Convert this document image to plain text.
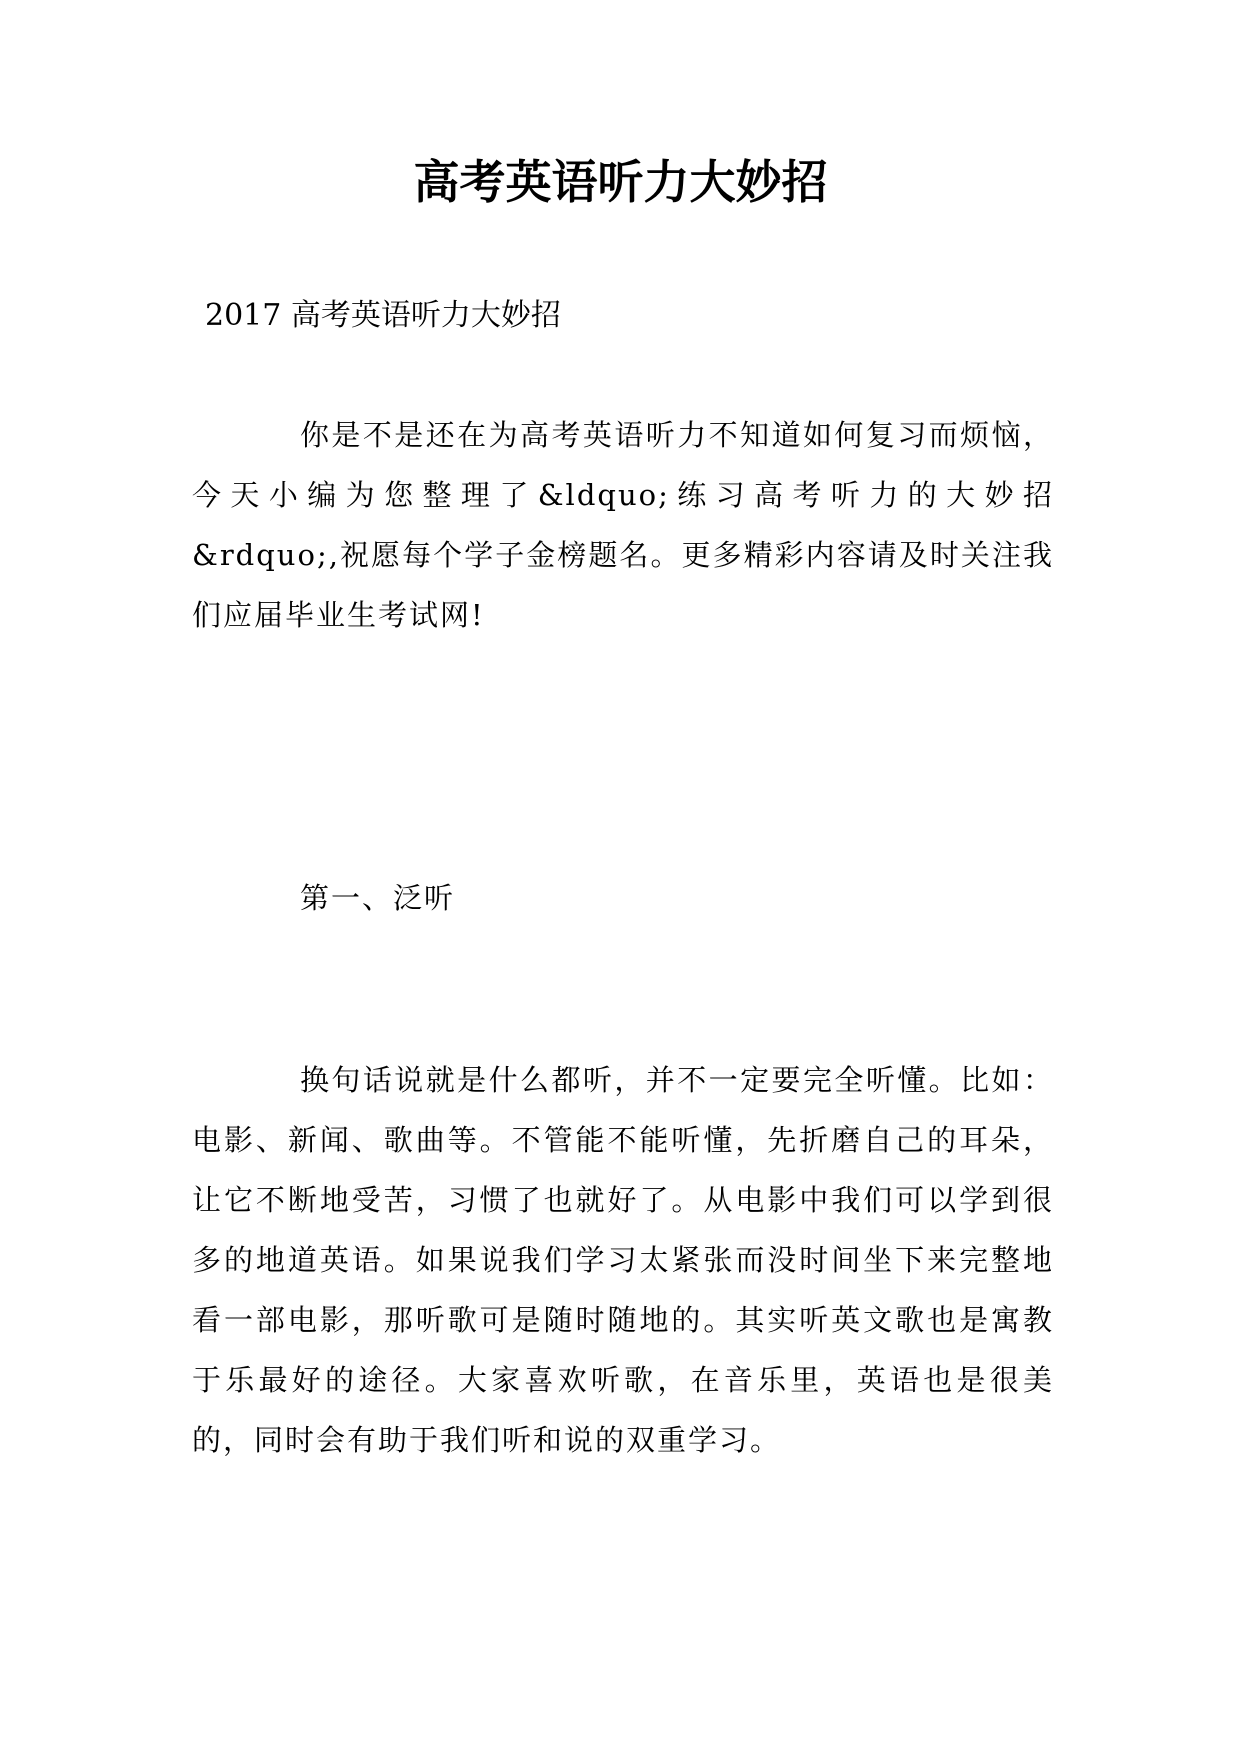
高考英语听力大妙招

2017 高考英语听力大妙招

你是不是还在为高考英语听力不知道如何复习而烦恼，今天小编为您整理了&ldquo;练习高考听力的大妙招&rdquo;,祝愿每个学子金榜题名。更多精彩内容请及时关注我们应届毕业生考试网!

第一、泛听

换句话说就是什么都听，并不一定要完全听懂。比如：电影、新闻、歌曲等。不管能不能听懂，先折磨自己的耳朵，让它不断地受苦，习惯了也就好了。从电影中我们可以学到很多的地道英语。如果说我们学习太紧张而没时间坐下来完整地看一部电影，那听歌可是随时随地的。其实听英文歌也是寓教于乐最好的途径。大家喜欢听歌，在音乐里，英语也是很美的，同时会有助于我们听和说的双重学习。
